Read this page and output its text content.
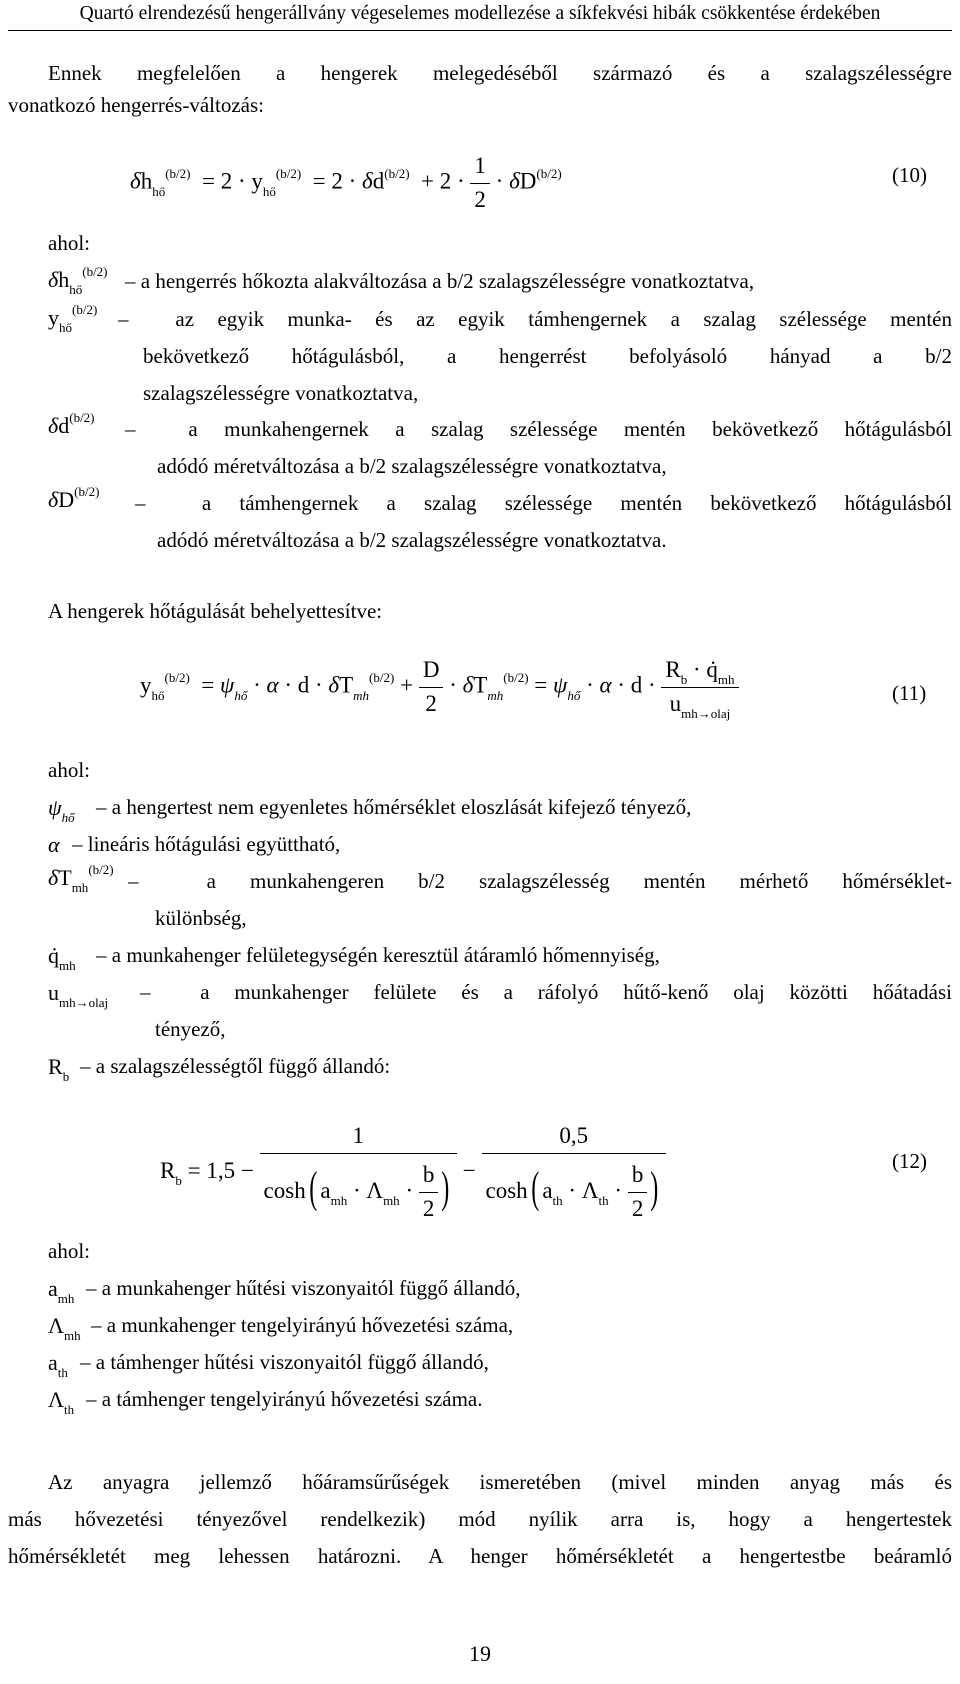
Quartó elrendezésű hengerállvány végeselemes modellezése a síkfekvési hibák csökkentése érdekében
Ennek megfelelően a hengerek melegedéséből származó és a szalagszélességre
vonatkozó hengerrés-változás:
$\delta h_{hő}^{(b/2)} = 2 \cdot y_{hő}^{(b/2)} = 2 \cdot \delta d^{(b/2)} + 2 \cdot \frac{1}{2} \cdot \delta D^{(b/2)}$	(10)
ahol:
$\delta h_{hő}^{(b/2)}$ – a hengerrés hőkozta alakváltozása a b/2 szalagszélességre vonatkoztatva,
$y_{hő}^{(b/2)}$ –  az egyik munka- és az egyik támhengernek a szalag szélessége mentén
bekövetkező hőtágulásból, a hengerrést befolyásoló hányad a b/2
szalagszélességre vonatkoztatva,
$\delta d^{(b/2)}$ –  a munkahengernek a szalag szélessége mentén bekövetkező hőtágulásból
adódó méretváltozása a b/2 szalagszélességre vonatkoztatva,
$\delta D^{(b/2)}$ –  a támhengernek a szalag szélessége mentén bekövetkező hőtágulásból
adódó méretváltozása a b/2 szalagszélességre vonatkoztatva.
A hengerek hőtágulását behelyettesítve:
$y_{hő}^{(b/2)} = \psi_{hő} \cdot \alpha \cdot d \cdot \delta T_{mh}^{(b/2)} + \frac{D}{2} \cdot \delta T_{mh}^{(b/2)} = \psi_{hő} \cdot \alpha \cdot d \cdot \frac{R_b \cdot q̇_{mh}}{u_{mh\to olaj}}$	(11)
ahol:
$\psi_{hő}$ – a hengertest nem egyenletes hőmérséklet eloszlását kifejező tényező,
α – lineáris hőtágulási együttható,
$\delta T_{mh}^{(b/2)}$ –  a munkahengeren b/2 szalagszélesség mentén mérhető hőmérséklet-
különbség,
$q̇_{mh}$ – a munkahenger felületegységén keresztül átáramló hőmennyiség,
$u_{mh\to olaj}$ –  a munkahenger felülete és a ráfolyó hűtő-kenő olaj közötti hőátadási
tényező,
$R_b$ – a szalagszélességtől függő állandó:
$R_b = 1,5 - \frac{1}{\cosh( a_{mh} \cdot \Lambda_{mh} \cdot \frac{b}{2} )} - \frac{0,5}{\cosh( a_{th} \cdot \Lambda_{th} \cdot \frac{b}{2} )}$	(12)
ahol:
$a_{mh}$ – a munkahenger hűtési viszonyaitól függő állandó,
$\Lambda_{mh}$ – a munkahenger tengelyirányú hővezetési száma,
$a_{th}$ – a támhenger hűtési viszonyaitól függő állandó,
$\Lambda_{th}$ – a támhenger tengelyirányú hővezetési száma.
Az anyagra jellemző hőáramsűrűségek ismeretében (mivel minden anyag más és
más hővezetési tényezővel rendelkezik) mód nyílik arra is, hogy a hengertestek
hőmérsékletét meg lehessen határozni. A henger hőmérsékletét a hengertestbe beáramló
19
